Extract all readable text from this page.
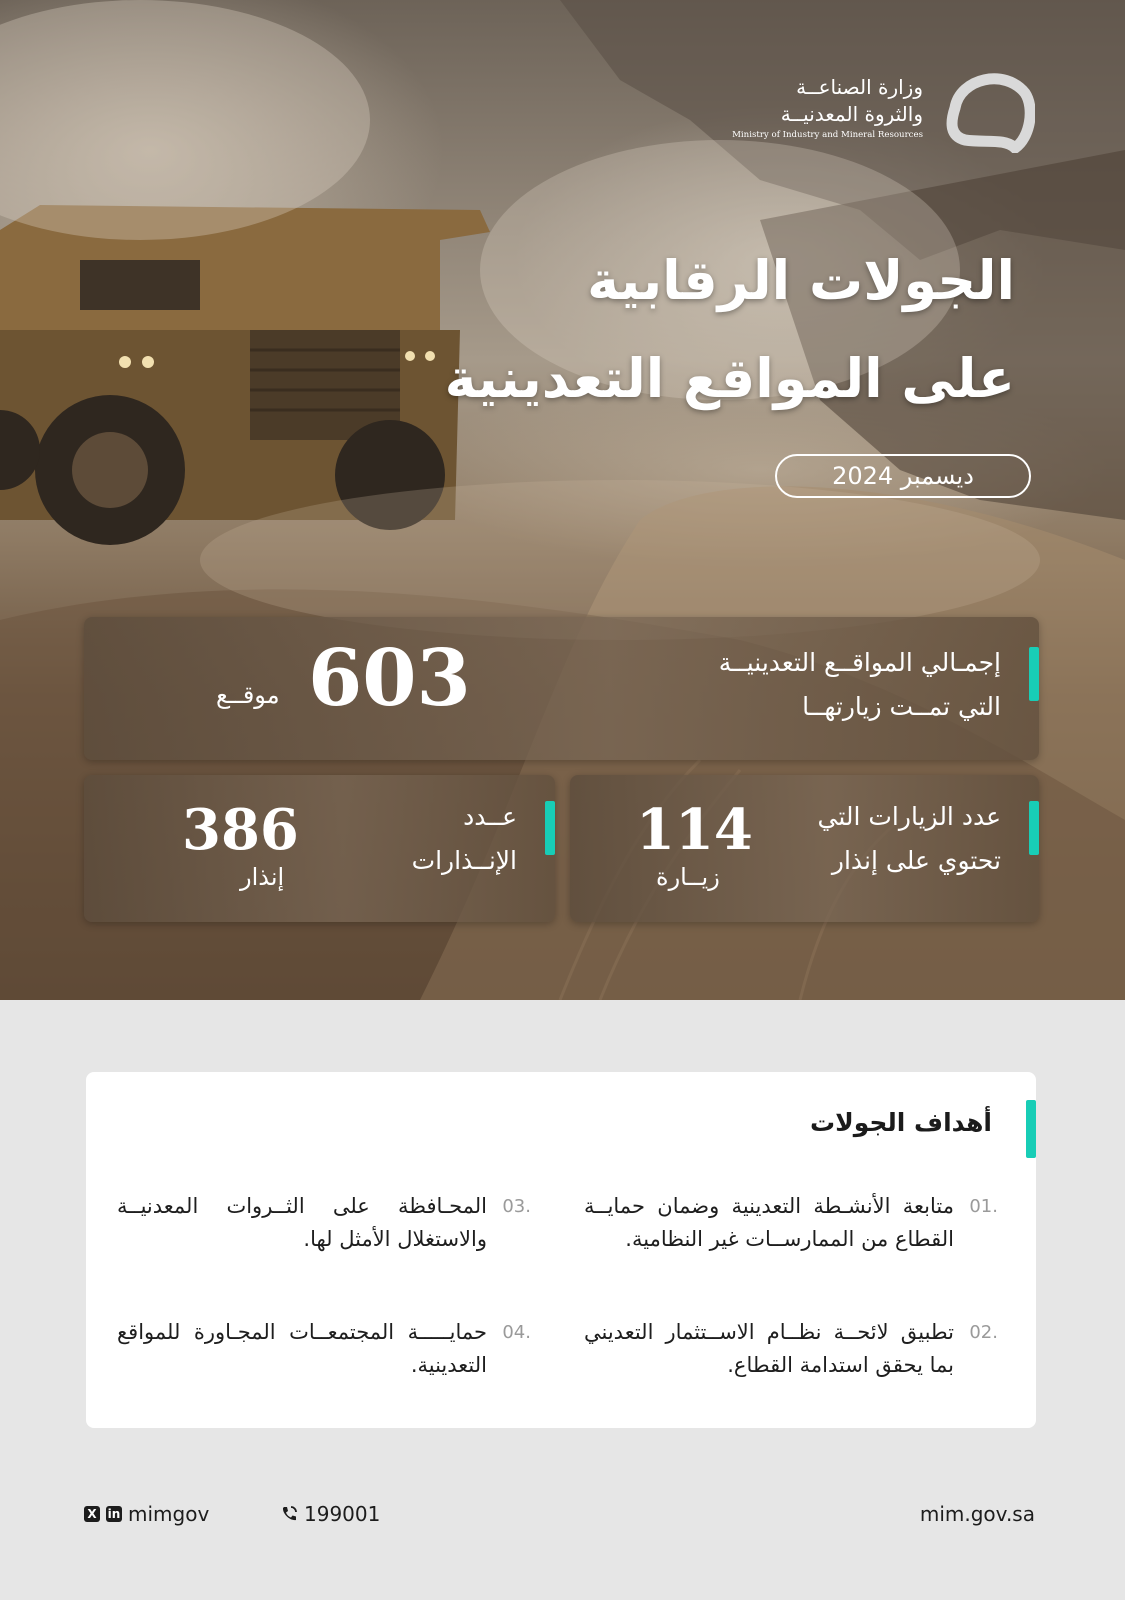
وزارة الصناعــة
والثروة المعدنيــة
Ministry of Industry and Mineral Resources
الجولات الرقابية
على المواقع التعدينية
ديسمبر 2024
إجمـالي المواقــع التعدينيــة
التي تمــت زيارتهــا
603
موقــع
عدد الزيارات التي
تحتوي على إنذار
114
زيــارة
عــدد
الإنــذارات
386
إنذار
أهداف الجولات
.01
متابعة الأنشـطة التعدينية وضمان حمايــة القطاع من الممارســات غير النظامية.
.02
تطبيق لائحــة نظــام الاســتثمار التعديني بما يحقق استدامة القطاع.
.03
المحـافظة على الثــروات المعدنيــة والاستغلال الأمثل لها.
.04
حمايـــــة المجتمعــات المجـاورة للمواقع التعدينية.
X in mimgov	199001	mim.gov.sa
